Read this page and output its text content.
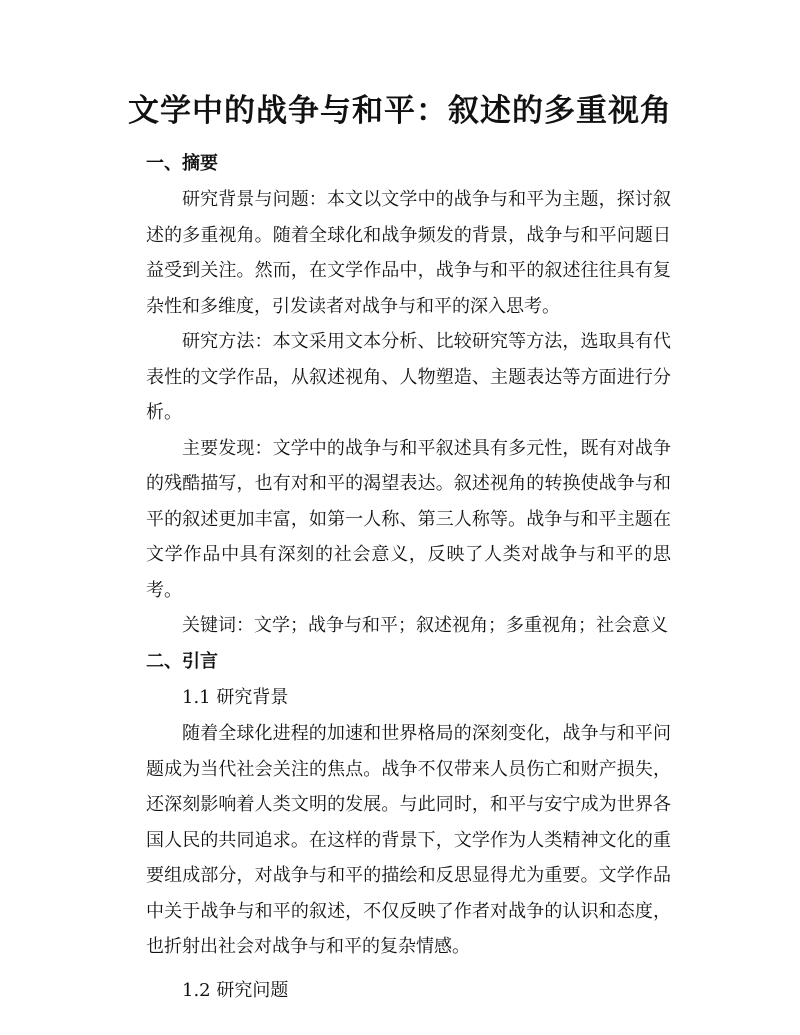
文学中的战争与和平：叙述的多重视角
一、摘要

研究背景与问题：本文以文学中的战争与和平为主题，探讨叙述的多重视角。随着全球化和战争频发的背景，战争与和平问题日益受到关注。然而，在文学作品中，战争与和平的叙述往往具有复杂性和多维度，引发读者对战争与和平的深入思考。

研究方法：本文采用文本分析、比较研究等方法，选取具有代表性的文学作品，从叙述视角、人物塑造、主题表达等方面进行分析。

主要发现：文学中的战争与和平叙述具有多元性，既有对战争的残酷描写，也有对和平的渴望表达。叙述视角的转换使战争与和平的叙述更加丰富，如第一人称、第三人称等。战争与和平主题在文学作品中具有深刻的社会意义，反映了人类对战争与和平的思考。

关键词：文学；战争与和平；叙述视角；多重视角；社会意义

二、引言

1.1 研究背景

随着全球化进程的加速和世界格局的深刻变化，战争与和平问题成为当代社会关注的焦点。战争不仅带来人员伤亡和财产损失，还深刻影响着人类文明的发展。与此同时，和平与安宁成为世界各国人民的共同追求。在这样的背景下，文学作为人类精神文化的重要组成部分，对战争与和平的描绘和反思显得尤为重要。文学作品中关于战争与和平的叙述，不仅反映了作者对战争的认识和态度，也折射出社会对战争与和平的复杂情感。

1.2 研究问题
